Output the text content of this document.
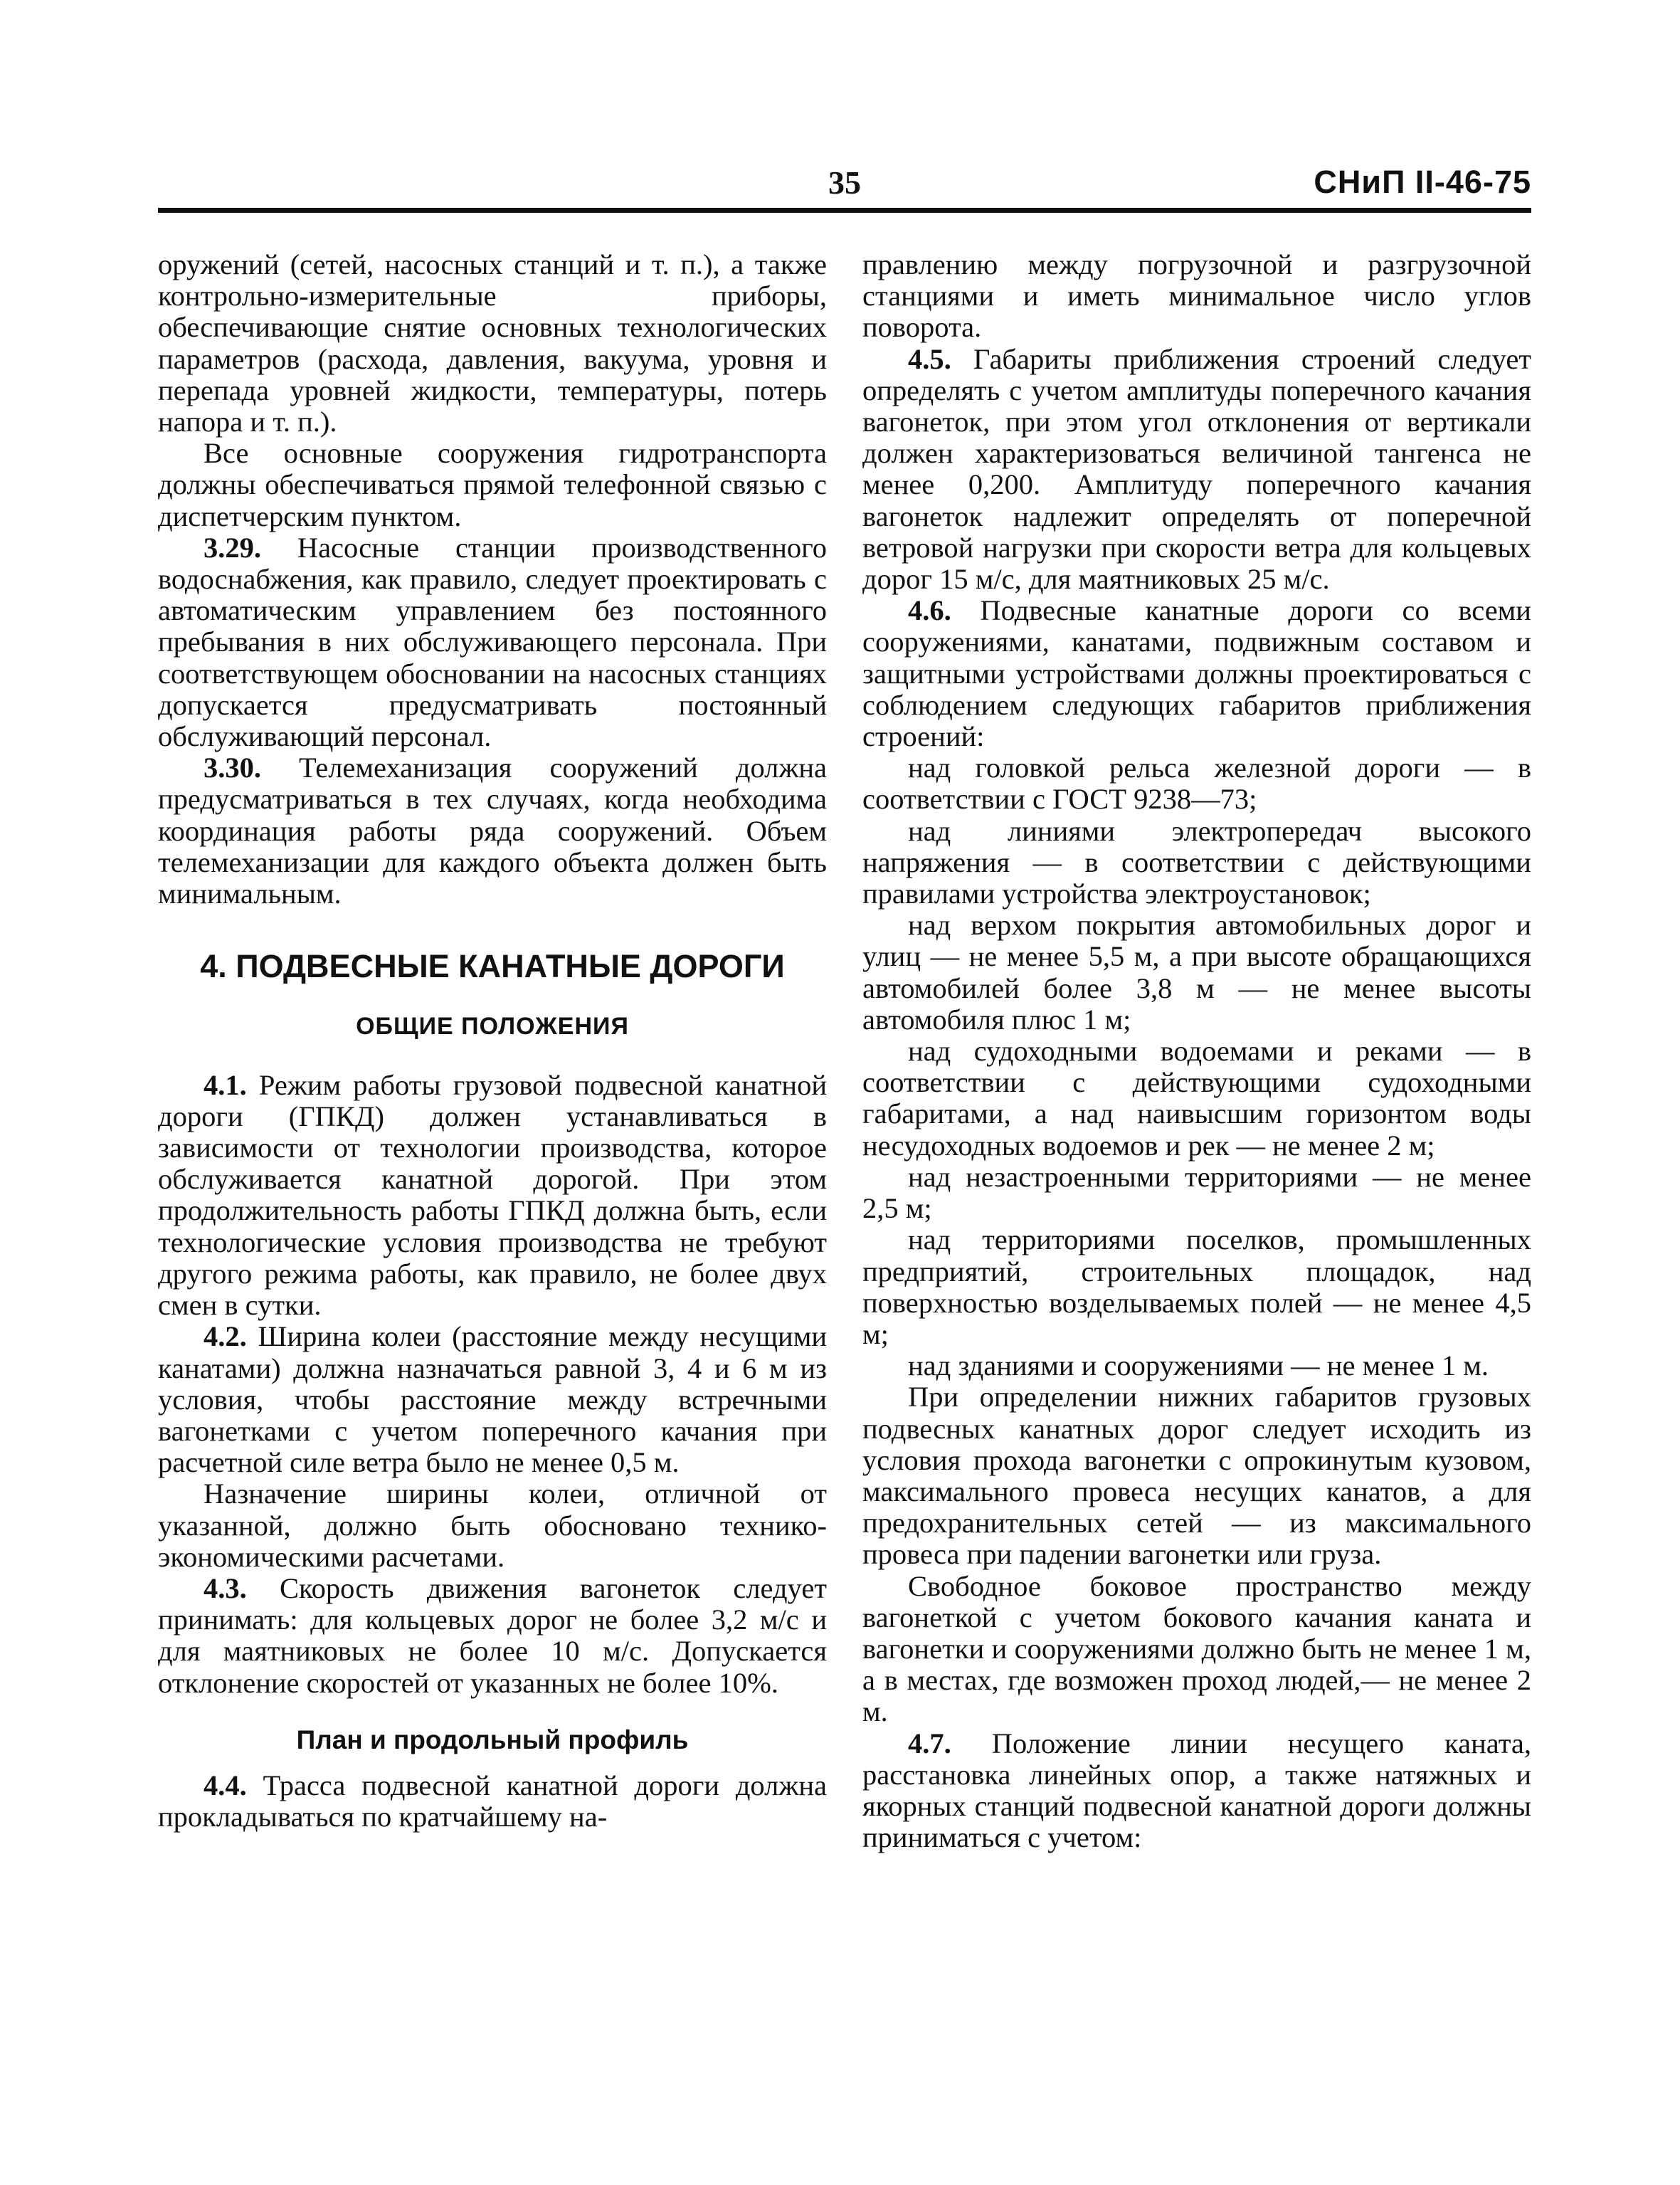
35	СНиП II-46-75

оружений (сетей, насосных станций и т. п.), а также контрольно-измерительные приборы, обеспечивающие снятие основных технологических параметров (расхода, давления, вакуума, уровня и перепада уровней жидкости, температуры, потерь напора и т. п.).

Все основные сооружения гидротранспорта должны обеспечиваться прямой телефонной связью с диспетчерским пунктом.

3.29. Насосные станции производственного водоснабжения, как правило, следует проектировать с автоматическим управлением без постоянного пребывания в них обслуживающего персонала. При соответствующем обосновании на насосных станциях допускается предусматривать постоянный обслуживающий персонал.

3.30. Телемеханизация сооружений должна предусматриваться в тех случаях, когда необходима координация работы ряда сооружений. Объем телемеханизации для каждого объекта должен быть минимальным.

4. ПОДВЕСНЫЕ КАНАТНЫЕ ДОРОГИ
ОБЩИЕ ПОЛОЖЕНИЯ

4.1. Режим работы грузовой подвесной канатной дороги (ГПКД) должен устанавливаться в зависимости от технологии производства, которое обслуживается канатной дорогой. При этом продолжительность работы ГПКД должна быть, если технологические условия производства не требуют другого режима работы, как правило, не более двух смен в сутки.

4.2. Ширина колеи (расстояние между несущими канатами) должна назначаться равной 3, 4 и 6 м из условия, чтобы расстояние между встречными вагонетками с учетом поперечного качания при расчетной силе ветра было не менее 0,5 м.

Назначение ширины колеи, отличной от указанной, должно быть обосновано технико-экономическими расчетами.

4.3. Скорость движения вагонеток следует принимать: для кольцевых дорог не более 3,2 м/с и для маятниковых не более 10 м/с. Допускается отклонение скоростей от указанных не более 10%.

План и продольный профиль

4.4. Трасса подвесной канатной дороги должна прокладываться по кратчайшему на-

правлению между погрузочной и разгрузочной станциями и иметь минимальное число углов поворота.

4.5. Габариты приближения строений следует определять с учетом амплитуды поперечного качания вагонеток, при этом угол отклонения от вертикали должен характеризоваться величиной тангенса не менее 0,200. Амплитуду поперечного качания вагонеток надлежит определять от поперечной ветровой нагрузки при скорости ветра для кольцевых дорог 15 м/с, для маятниковых 25 м/с.

4.6. Подвесные канатные дороги со всеми сооружениями, канатами, подвижным составом и защитными устройствами должны проектироваться с соблюдением следующих габаритов приближения строений:

над головкой рельса железной дороги — в соответствии с ГОСТ 9238—73;

над линиями электропередач высокого напряжения — в соответствии с действующими правилами устройства электроустановок;

над верхом покрытия автомобильных дорог и улиц — не менее 5,5 м, а при высоте обращающихся автомобилей более 3,8 м — не менее высоты автомобиля плюс 1 м;

над судоходными водоемами и реками — в соответствии с действующими судоходными габаритами, а над наивысшим горизонтом воды несудоходных водоемов и рек — не менее 2 м;

над незастроенными территориями — не менее 2,5 м;

над территориями поселков, промышленных предприятий, строительных площадок, над поверхностью возделываемых полей — не менее 4,5 м;

над зданиями и сооружениями — не менее 1 м.

При определении нижних габаритов грузовых подвесных канатных дорог следует исходить из условия прохода вагонетки с опрокинутым кузовом, максимального провеса несущих канатов, а для предохранительных сетей — из максимального провеса при падении вагонетки или груза.

Свободное боковое пространство между вагонеткой с учетом бокового качания каната и вагонетки и сооружениями должно быть не менее 1 м, а в местах, где возможен проход людей,— не менее 2 м.

4.7. Положение линии несущего каната, расстановка линейных опор, а также натяжных и якорных станций подвесной канатной дороги должны приниматься с учетом:
